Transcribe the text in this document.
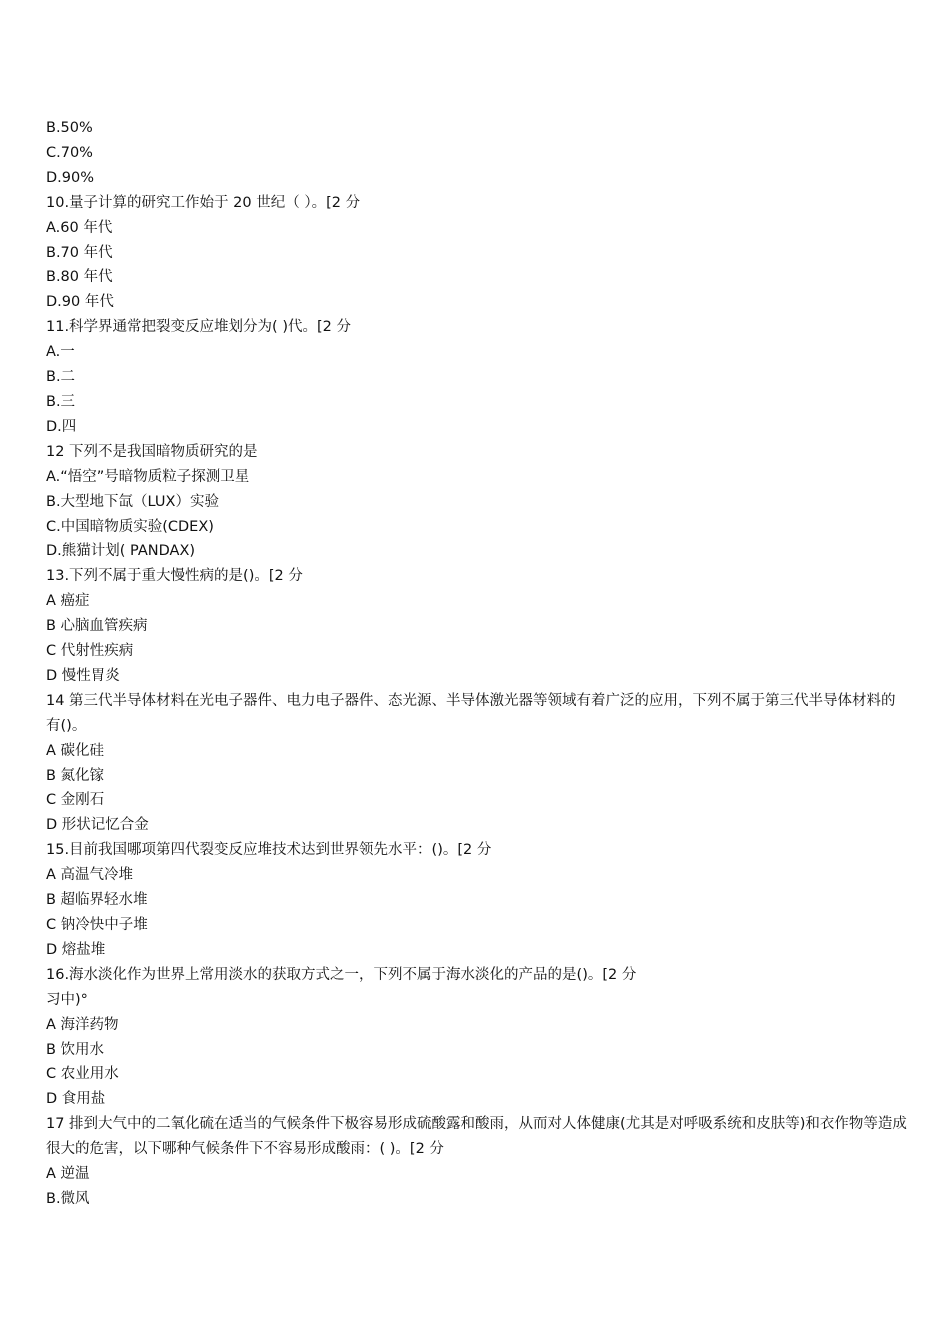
B.50%
C.70%
D.90%
10.量子计算的研究工作始于 20 世纪（ ）。[2 分
A.60 年代
B.70 年代
B.80 年代
D.90 年代
11.科学界通常把裂变反应堆划分为( )代。[2 分
A.一
B.二
B.三
D.四
12 下列不是我国暗物质研究的是
A.“悟空”号暗物质粒子探测卫星
B.大型地下氙（LUX）实验
C.中国暗物质实验(CDEX)
D.熊猫计划( PANDAX)
13.下列不属于重大慢性病的是()。[2 分
A 癌症
B 心脑血管疾病
C 代射性疾病
D 慢性胃炎
14 第三代半导体材料在光电子器件、电力电子器件、态光源、半导体激光器等领域有着广泛的应用，下列不属于第三代半导体材料的有()。
A 碳化硅
B 氮化镓
C 金刚石
D 形状记忆合金
15.目前我国哪项第四代裂变反应堆技术达到世界领先水平：()。[2 分
A 高温气冷堆
B 超临界轻水堆
C 钠冷快中子堆
D 熔盐堆
16.海水淡化作为世界上常用淡水的获取方式之一，下列不属于海水淡化的产品的是()。[2 分
习中)°
A 海洋药物
B 饮用水
C 农业用水
D 食用盐
17 排到大气中的二氧化硫在适当的气候条件下极容易形成硫酸露和酸雨，从而对人体健康(尤其是对呼吸系统和皮肤等)和衣作物等造成很大的危害，以下哪种气候条件下不容易形成酸雨：( )。[2 分
A 逆温
B.微风
